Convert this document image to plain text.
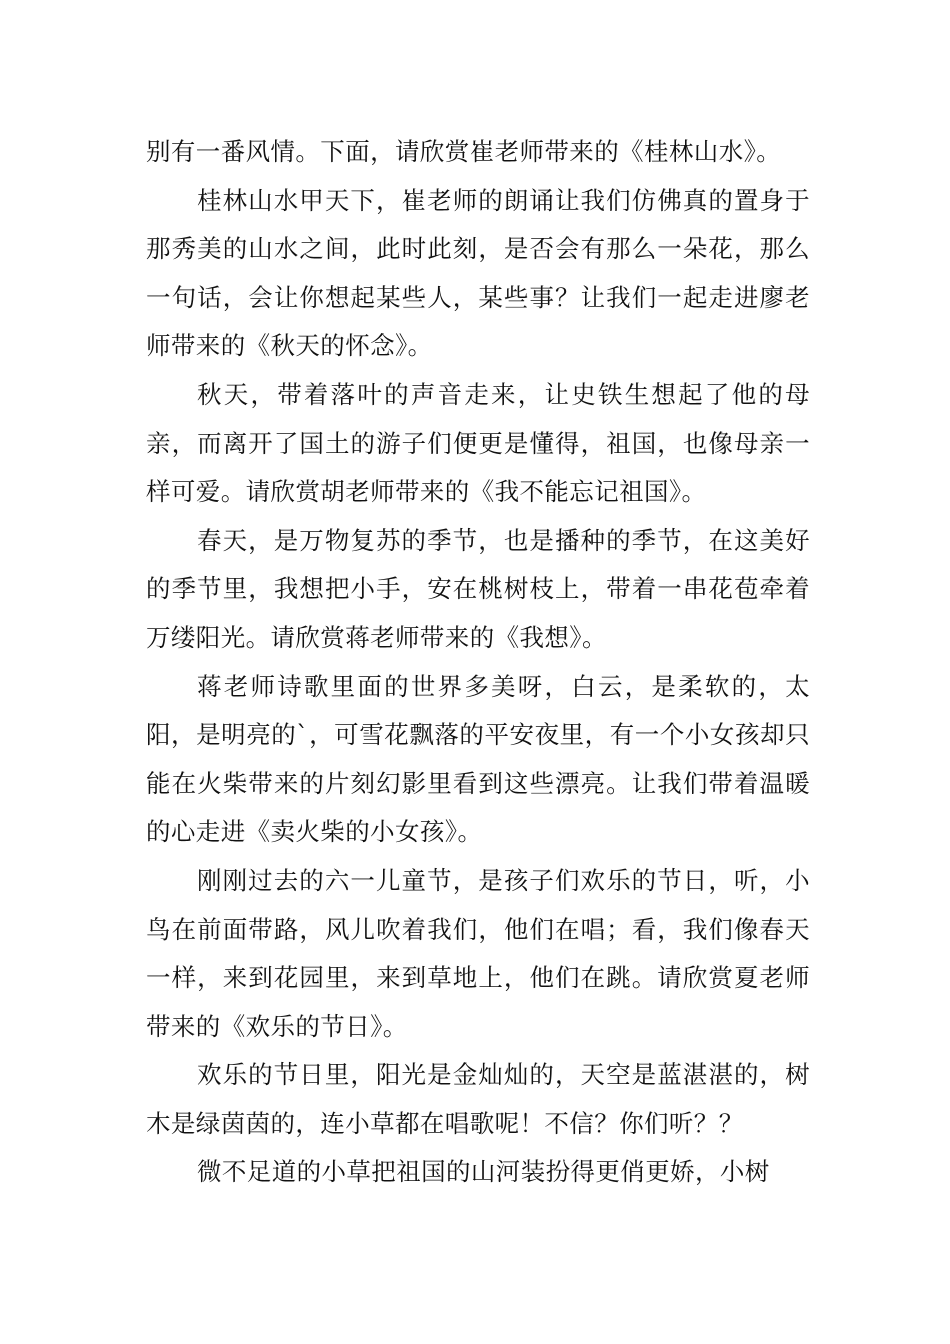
别有一番风情。下面，请欣赏崔老师带来的《桂林山水》。

桂林山水甲天下，崔老师的朗诵让我们仿佛真的置身于那秀美的山水之间，此时此刻，是否会有那么一朵花，那么一句话，会让你想起某些人，某些事？让我们一起走进廖老师带来的《秋天的怀念》。

秋天，带着落叶的声音走来，让史铁生想起了他的母亲，而离开了国土的游子们便更是懂得，祖国，也像母亲一样可爱。请欣赏胡老师带来的《我不能忘记祖国》。

春天，是万物复苏的季节，也是播种的季节，在这美好的季节里，我想把小手，安在桃树枝上，带着一串花苞牵着万缕阳光。请欣赏蒋老师带来的《我想》。

蒋老师诗歌里面的世界多美呀，白云，是柔软的，太阳，是明亮的`，可雪花飘落的平安夜里，有一个小女孩却只能在火柴带来的片刻幻影里看到这些漂亮。让我们带着温暖的心走进《卖火柴的小女孩》。

刚刚过去的六一儿童节，是孩子们欢乐的节日，听，小鸟在前面带路，风儿吹着我们，他们在唱；看，我们像春天一样，来到花园里，来到草地上，他们在跳。请欣赏夏老师带来的《欢乐的节日》。

欢乐的节日里，阳光是金灿灿的，天空是蓝湛湛的，树木是绿茵茵的，连小草都在唱歌呢！不信？你们听？？

微不足道的小草把祖国的山河装扮得更俏更娇，小树
